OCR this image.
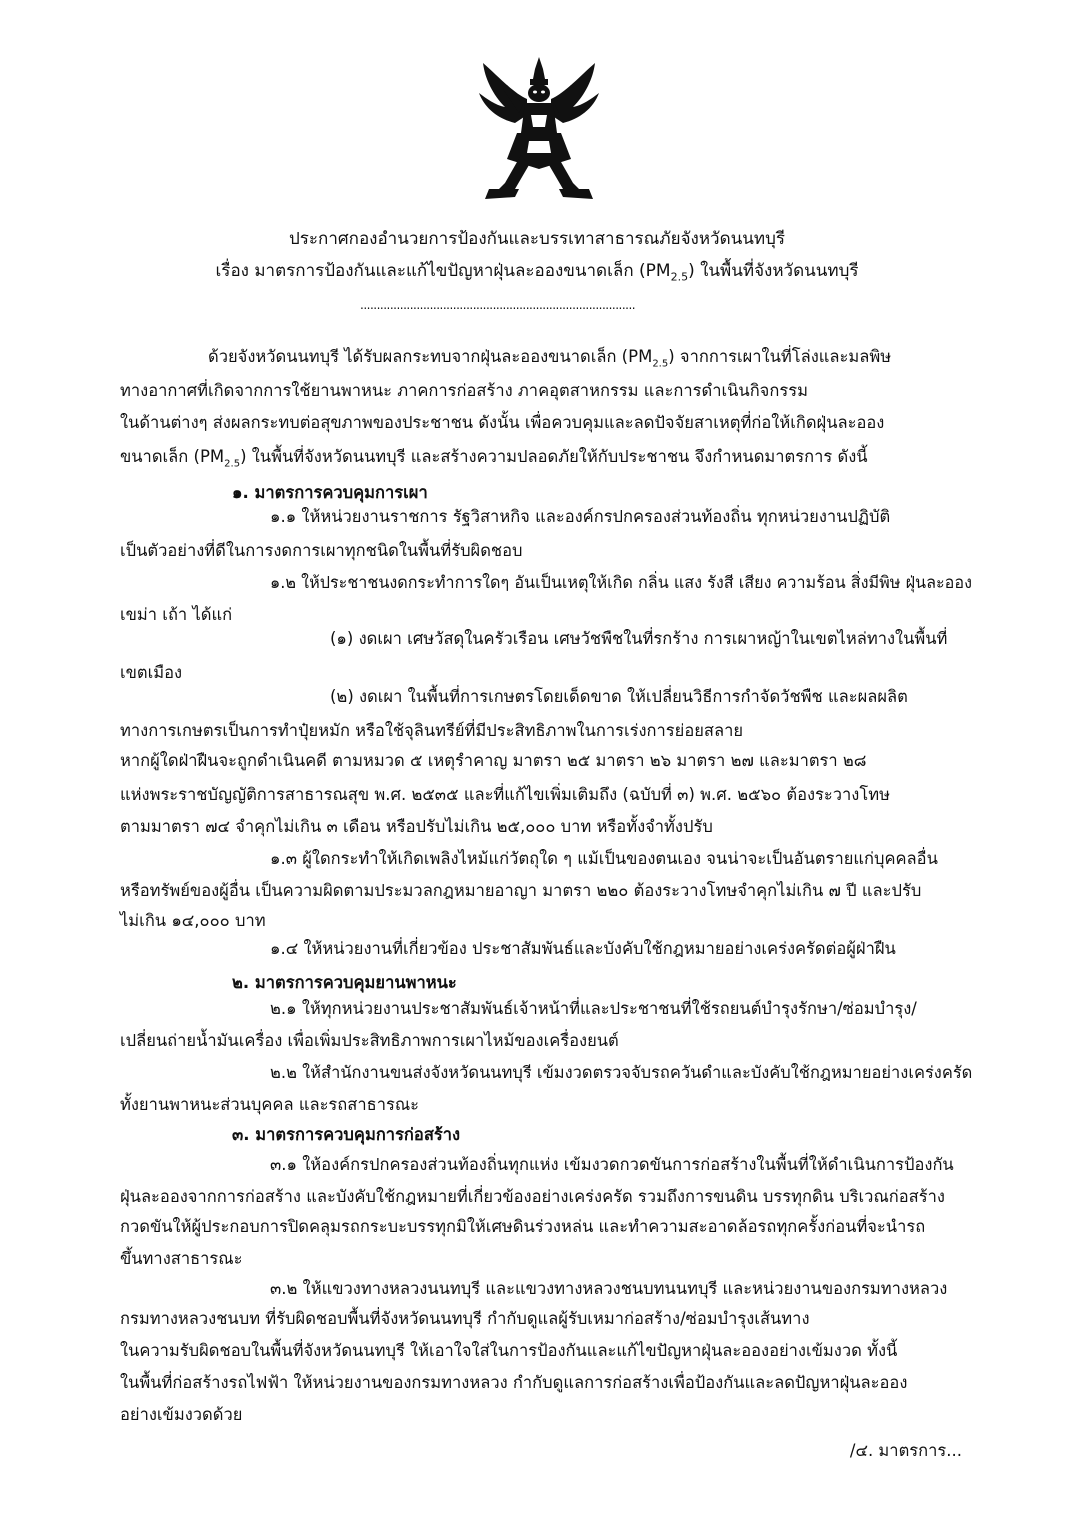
ประกาศกองอำนวยการป้องกันและบรรเทาสาธารณภัยจังหวัดนนทบุรี
เรื่อง มาตรการป้องกันและแก้ไขปัญหาฝุ่นละอองขนาดเล็ก $(PM_{2.5})$ ในพื้นที่จังหวัดนนทบุรี
...................................................................................
ด้วยจังหวัดนนทบุรี ได้รับผลกระทบจากฝุ่นละอองขนาดเล็ก $(PM_{2.5})$ จากการเผาในที่โล่งและมลพิษ
ทางอากาศที่เกิดจากการใช้ยานพาหนะ ภาคการก่อสร้าง ภาคอุตสาหกรรม และการดำเนินกิจกรรม
ในด้านต่างๆ ส่งผลกระทบต่อสุขภาพของประชาชน ดังนั้น เพื่อควบคุมและลดปัจจัยสาเหตุที่ก่อให้เกิดฝุ่นละออง
ขนาดเล็ก $(PM_{2.5})$ ในพื้นที่จังหวัดนนทบุรี และสร้างความปลอดภัยให้กับประชาชน จึงกำหนดมาตรการ ดังนี้
๑. มาตรการควบคุมการเผา
๑.๑ ให้หน่วยงานราชการ รัฐวิสาหกิจ และองค์กรปกครองส่วนท้องถิ่น ทุกหน่วยงานปฏิบัติ
เป็นตัวอย่างที่ดีในการงดการเผาทุกชนิดในพื้นที่รับผิดชอบ
๑.๒ ให้ประชาชนงดกระทำการใดๆ อันเป็นเหตุให้เกิด กลิ่น แสง รังสี เสียง ความร้อน สิ่งมีพิษ ฝุ่นละออง
เขม่า เถ้า ได้แก่
(๑) งดเผา เศษวัสดุในครัวเรือน เศษวัชพืชในที่รกร้าง การเผาหญ้าในเขตไหล่ทางในพื้นที่
เขตเมือง
(๒) งดเผา ในพื้นที่การเกษตรโดยเด็ดขาด ให้เปลี่ยนวิธีการกำจัดวัชพืช และผลผลิต
ทางการเกษตรเป็นการทำปุ๋ยหมัก หรือใช้จุลินทรีย์ที่มีประสิทธิภาพในการเร่งการย่อยสลาย
หากผู้ใดฝ่าฝืนจะถูกดำเนินคดี ตามหมวด ๕ เหตุรำคาญ มาตรา ๒๕ มาตรา ๒๖ มาตรา ๒๗ และมาตรา ๒๘
แห่งพระราชบัญญัติการสาธารณสุข พ.ศ. ๒๕๓๕ และที่แก้ไขเพิ่มเติมถึง (ฉบับที่ ๓) พ.ศ. ๒๕๖๐ ต้องระวางโทษ
ตามมาตรา ๗๔ จำคุกไม่เกิน ๓ เดือน หรือปรับไม่เกิน ๒๕,๐๐๐ บาท หรือทั้งจำทั้งปรับ
๑.๓ ผู้ใดกระทำให้เกิดเพลิงไหม้แก่วัตถุใด ๆ แม้เป็นของตนเอง จนน่าจะเป็นอันตรายแก่บุคคลอื่น
หรือทรัพย์ของผู้อื่น เป็นความผิดตามประมวลกฎหมายอาญา มาตรา ๒๒๐ ต้องระวางโทษจำคุกไม่เกิน ๗ ปี และปรับ
ไม่เกิน ๑๔,๐๐๐ บาท
๑.๔ ให้หน่วยงานที่เกี่ยวข้อง ประชาสัมพันธ์และบังคับใช้กฎหมายอย่างเคร่งครัดต่อผู้ฝ่าฝืน
๒. มาตรการควบคุมยานพาหนะ
๒.๑ ให้ทุกหน่วยงานประชาสัมพันธ์เจ้าหน้าที่และประชาชนที่ใช้รถยนต์บำรุงรักษา/ซ่อมบำรุง/
เปลี่ยนถ่ายน้ำมันเครื่อง เพื่อเพิ่มประสิทธิภาพการเผาไหม้ของเครื่องยนต์
๒.๒ ให้สำนักงานขนส่งจังหวัดนนทบุรี เข้มงวดตรวจจับรถควันดำและบังคับใช้กฎหมายอย่างเคร่งครัด
ทั้งยานพาหนะส่วนบุคคล และรถสาธารณะ
๓. มาตรการควบคุมการก่อสร้าง
๓.๑ ให้องค์กรปกครองส่วนท้องถิ่นทุกแห่ง เข้มงวดกวดขันการก่อสร้างในพื้นที่ให้ดำเนินการป้องกัน
ฝุ่นละอองจากการก่อสร้าง และบังคับใช้กฎหมายที่เกี่ยวข้องอย่างเคร่งครัด รวมถึงการขนดิน บรรทุกดิน บริเวณก่อสร้าง
กวดขันให้ผู้ประกอบการปิดคลุมรถกระบะบรรทุกมิให้เศษดินร่วงหล่น และทำความสะอาดล้อรถทุกครั้งก่อนที่จะนำรถ
ขึ้นทางสาธารณะ
๓.๒ ให้แขวงทางหลวงนนทบุรี และแขวงทางหลวงชนบทนนทบุรี และหน่วยงานของกรมทางหลวง
กรมทางหลวงชนบท ที่รับผิดชอบพื้นที่จังหวัดนนทบุรี กำกับดูแลผู้รับเหมาก่อสร้าง/ซ่อมบำรุงเส้นทาง
ในความรับผิดชอบในพื้นที่จังหวัดนนทบุรี ให้เอาใจใส่ในการป้องกันและแก้ไขปัญหาฝุ่นละอองอย่างเข้มงวด ทั้งนี้
ในพื้นที่ก่อสร้างรถไฟฟ้า ให้หน่วยงานของกรมทางหลวง กำกับดูแลการก่อสร้างเพื่อป้องกันและลดปัญหาฝุ่นละออง
อย่างเข้มงวดด้วย
/๔. มาตรการ...
